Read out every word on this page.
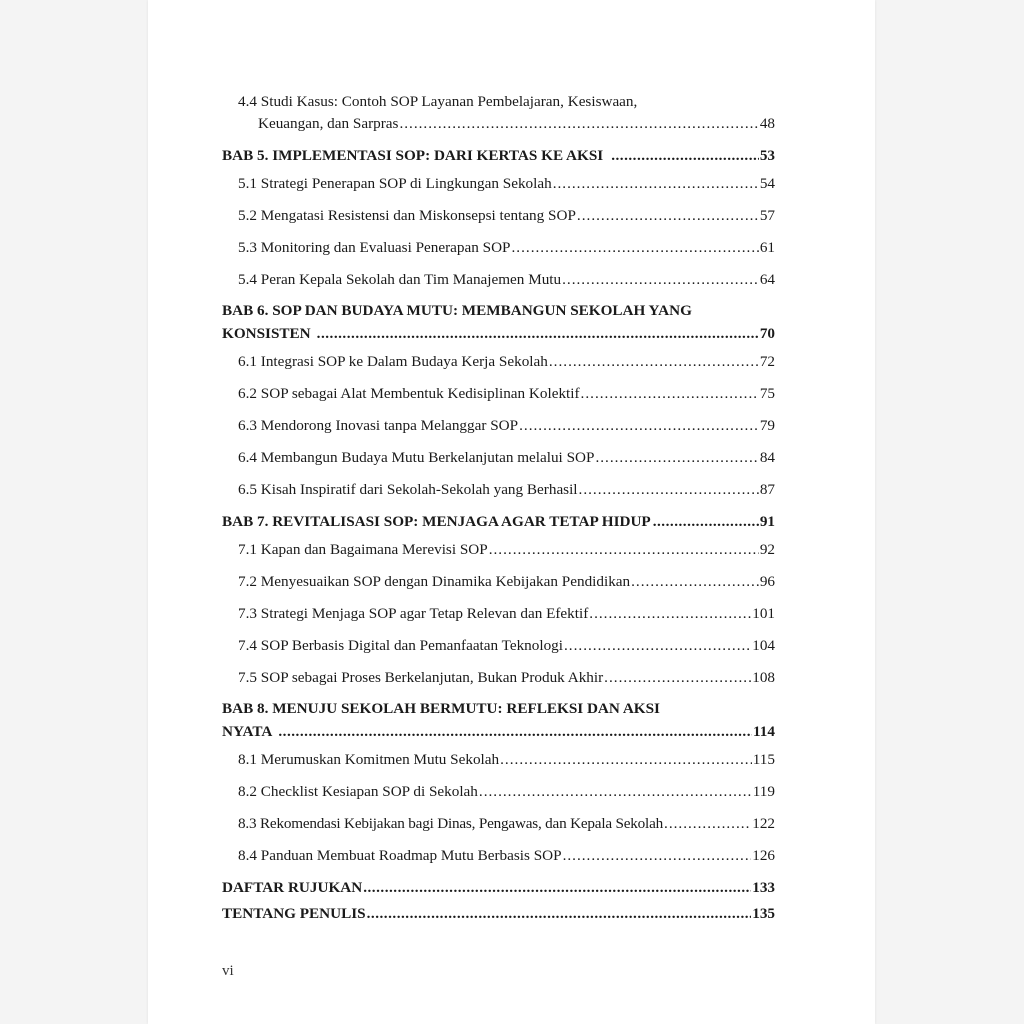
4.4 Studi Kasus: Contoh SOP Layanan Pembelajaran, Kesiswaan,
Keuangan, dan Sarpras .....	48
BAB 5. IMPLEMENTASI SOP: DARI KERTAS KE AKSI .....	53
5.1 Strategi Penerapan SOP di Lingkungan Sekolah .....	54
5.2 Mengatasi Resistensi dan Miskonsepsi tentang SOP .....	57
5.3 Monitoring dan Evaluasi Penerapan SOP .....	61
5.4 Peran Kepala Sekolah dan Tim Manajemen Mutu .....	64
BAB 6. SOP DAN BUDAYA MUTU: MEMBANGUN SEKOLAH YANG
KONSISTEN .....	70
6.1 Integrasi SOP ke Dalam Budaya Kerja Sekolah .....	72
6.2 SOP sebagai Alat Membentuk Kedisiplinan Kolektif .....	75
6.3 Mendorong Inovasi tanpa Melanggar SOP .....	79
6.4 Membangun Budaya Mutu Berkelanjutan melalui SOP .....	84
6.5 Kisah Inspiratif dari Sekolah-Sekolah yang Berhasil .....	87
BAB 7. REVITALISASI SOP: MENJAGA AGAR TETAP HIDUP .....	91
7.1 Kapan dan Bagaimana Merevisi SOP .....	92
7.2 Menyesuaikan SOP dengan Dinamika Kebijakan Pendidikan .....	96
7.3 Strategi Menjaga SOP agar Tetap Relevan dan Efektif .....	101
7.4 SOP Berbasis Digital dan Pemanfaatan Teknologi .....	104
7.5 SOP sebagai Proses Berkelanjutan, Bukan Produk Akhir .....	108
BAB 8. MENUJU SEKOLAH BERMUTU: REFLEKSI DAN AKSI
NYATA .....	114
8.1 Merumuskan Komitmen Mutu Sekolah .....	115
8.2 Checklist Kesiapan SOP di Sekolah .....	119
8.3 Rekomendasi Kebijakan bagi Dinas, Pengawas, dan Kepala Sekolah .....	122
8.4 Panduan Membuat Roadmap Mutu Berbasis SOP .....	126
DAFTAR RUJUKAN .....	133
TENTANG PENULIS .....	135
vi
